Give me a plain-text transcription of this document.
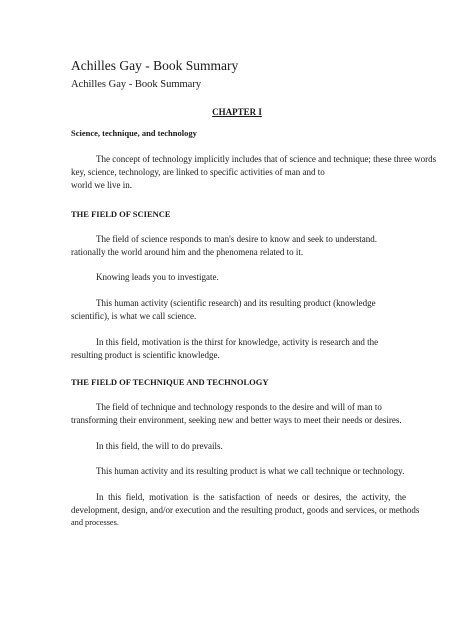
Achilles Gay - Book Summary
Achilles Gay - Book Summary
CHAPTER I
Science, technique, and technology
The concept of technology implicitly includes that of science and technique; these three words
key, science, technology, are linked to specific activities of man and to
world we live in.
THE FIELD OF SCIENCE
The field of science responds to man's desire to know and seek to understand.
rationally the world around him and the phenomena related to it.
Knowing leads you to investigate.
This human activity (scientific research) and its resulting product (knowledge
scientific), is what we call science.
In this field, motivation is the thirst for knowledge, activity is research and the
resulting product is scientific knowledge.
THE FIELD OF TECHNIQUE AND TECHNOLOGY
The field of technique and technology responds to the desire and will of man to
transforming their environment, seeking new and better ways to meet their needs or desires.
In this field, the will to do prevails.
This human activity and its resulting product is what we call technique or technology.
In this field, motivation is the satisfaction of needs or desires, the activity, the
development, design, and/or execution and the resulting product, goods and services, or methods
and processes.
